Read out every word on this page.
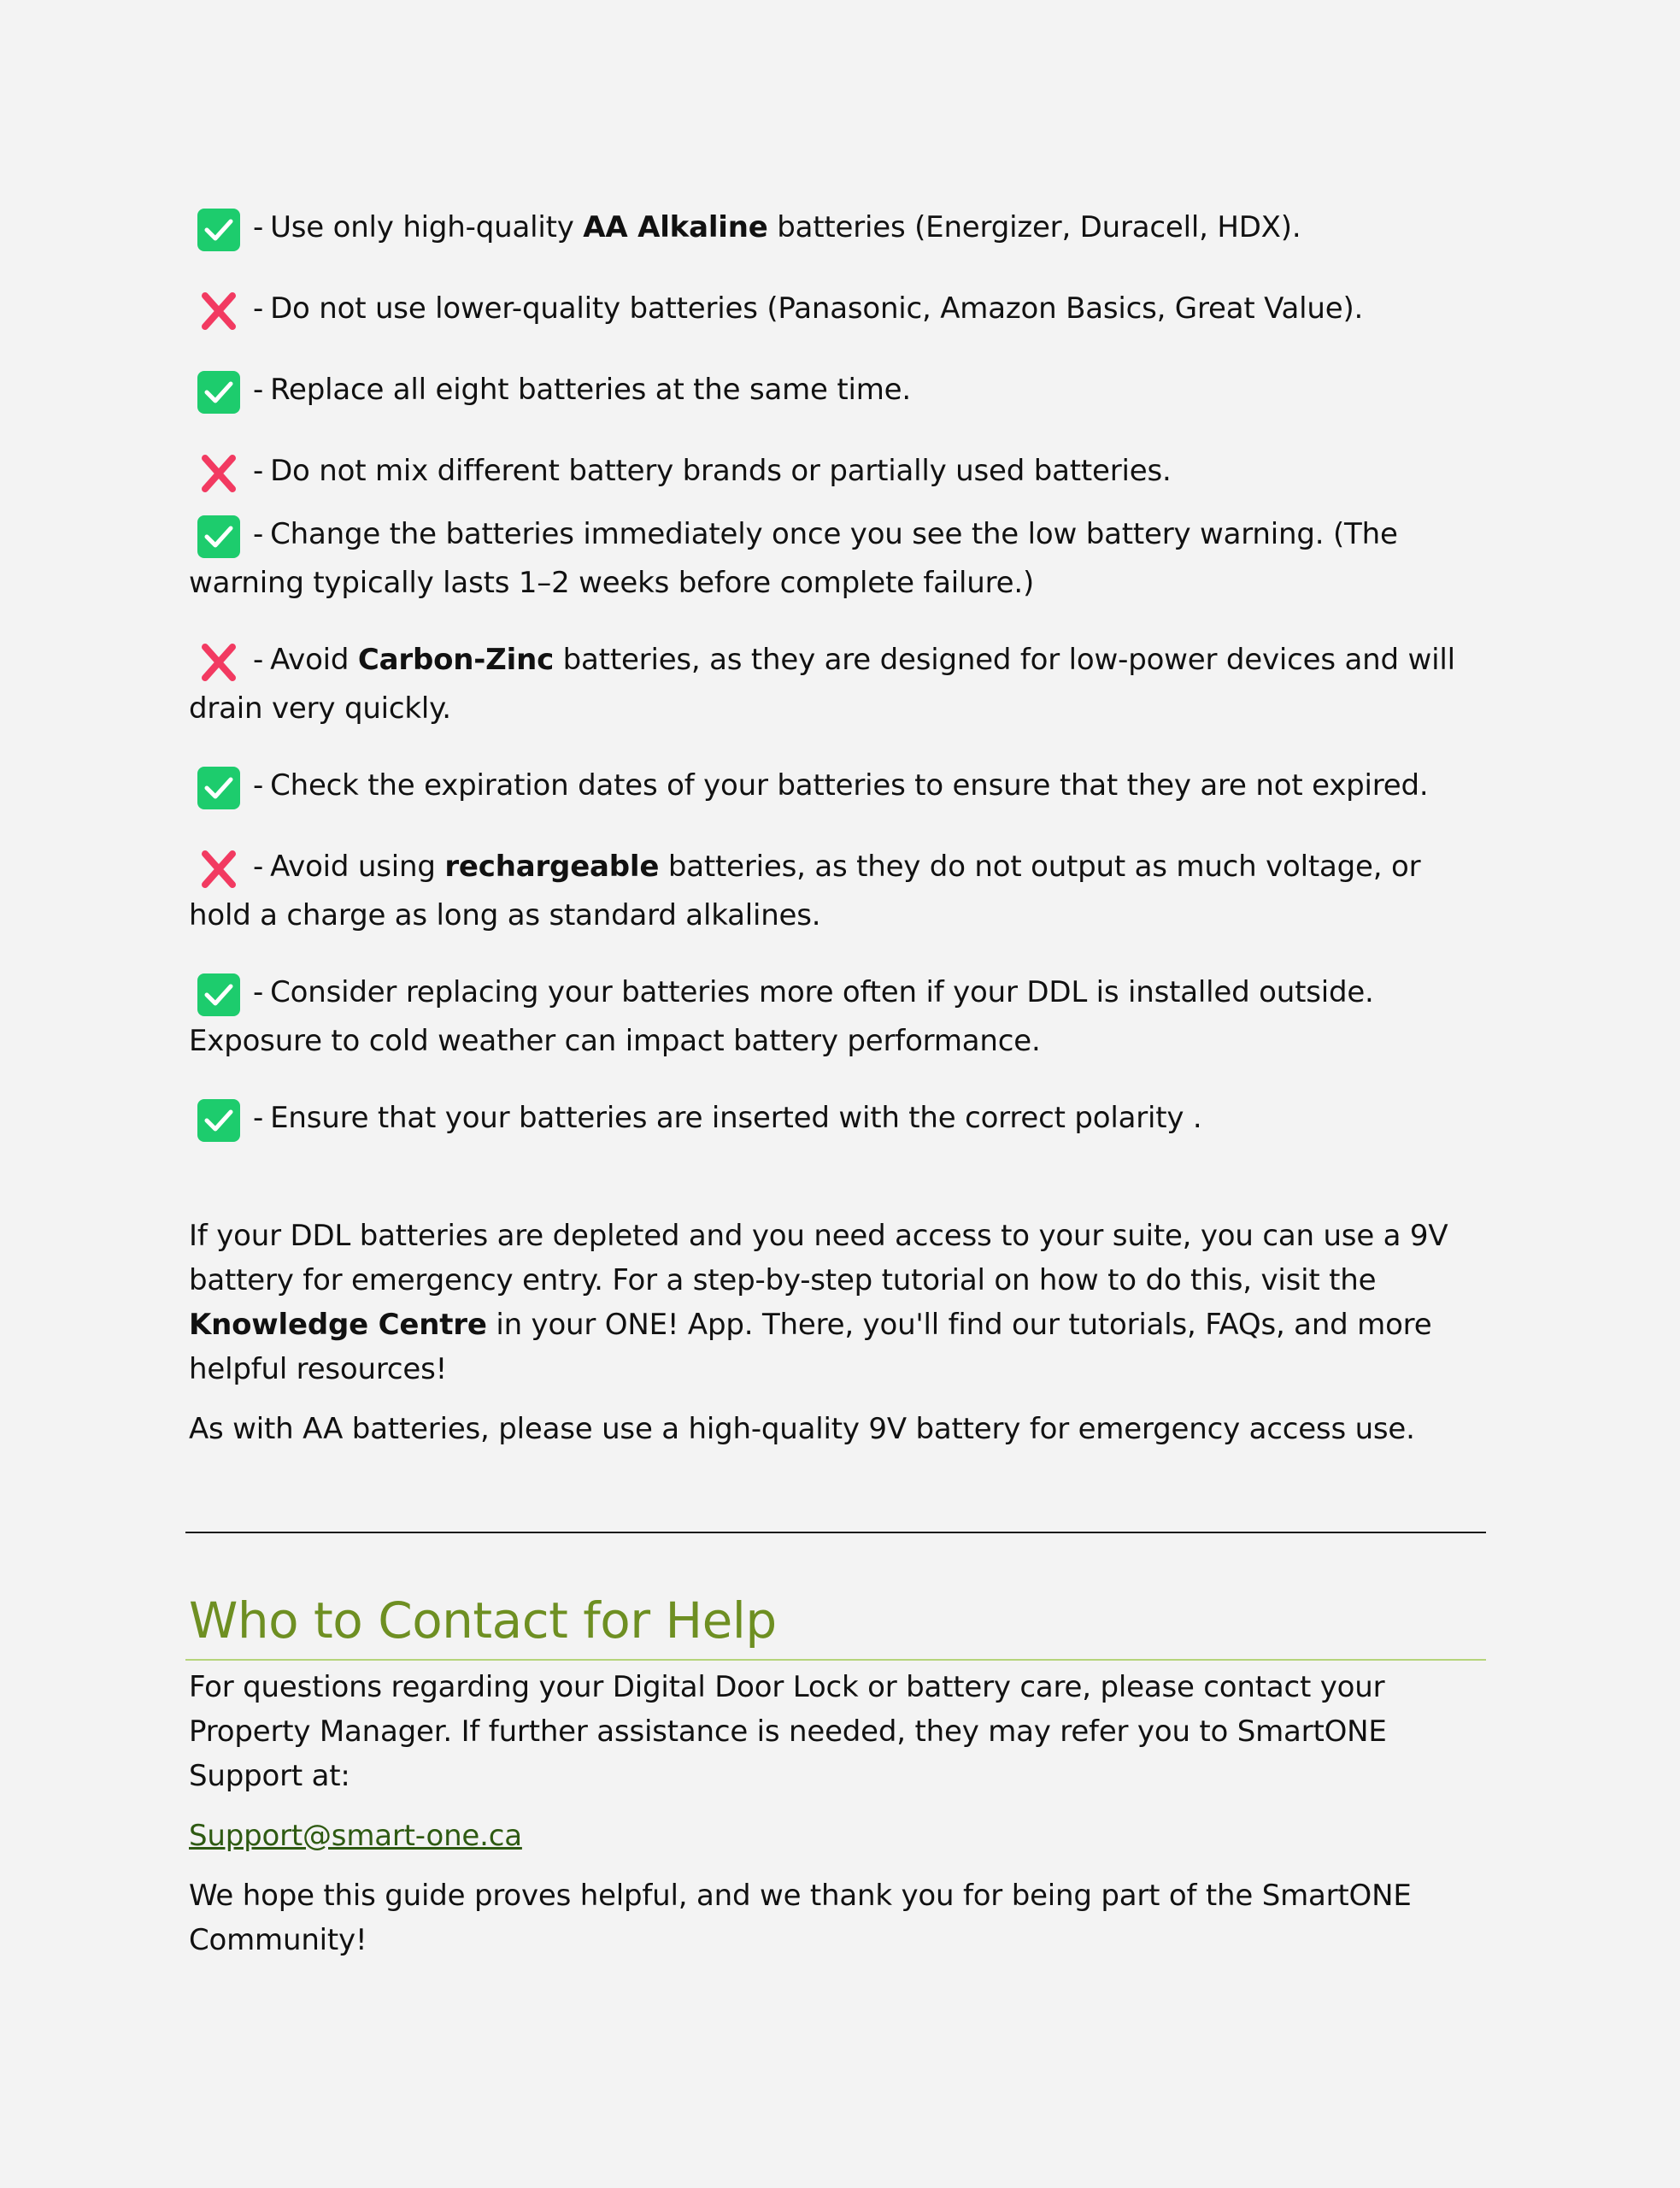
- Use only high-quality AA Alkaline batteries (Energizer, Duracell, HDX).
- Do not use lower-quality batteries (Panasonic, Amazon Basics, Great Value).
- Replace all eight batteries at the same time.
- Do not mix different battery brands or partially used batteries.
- Change the batteries immediately once you see the low battery warning. (The warning typically lasts 1–2 weeks before complete failure.)
- Avoid Carbon-Zinc batteries, as they are designed for low-power devices and will drain very quickly.
- Check the expiration dates of your batteries to ensure that they are not expired.
- Avoid using rechargeable batteries, as they do not output as much voltage, or hold a charge as long as standard alkalines.
- Consider replacing your batteries more often if your DDL is installed outside. Exposure to cold weather can impact battery performance.
- Ensure that your batteries are inserted with the correct polarity .

If your DDL batteries are depleted and you need access to your suite, you can use a 9V battery for emergency entry. For a step-by-step tutorial on how to do this, visit the Knowledge Centre in your ONE! App. There, you'll find our tutorials, FAQs, and more helpful resources!

As with AA batteries, please use a high-quality 9V battery for emergency access use.

Who to Contact for Help

For questions regarding your Digital Door Lock or battery care, please contact your Property Manager. If further assistance is needed, they may refer you to SmartONE Support at:

Support@smart-one.ca

We hope this guide proves helpful, and we thank you for being part of the SmartONE Community!
